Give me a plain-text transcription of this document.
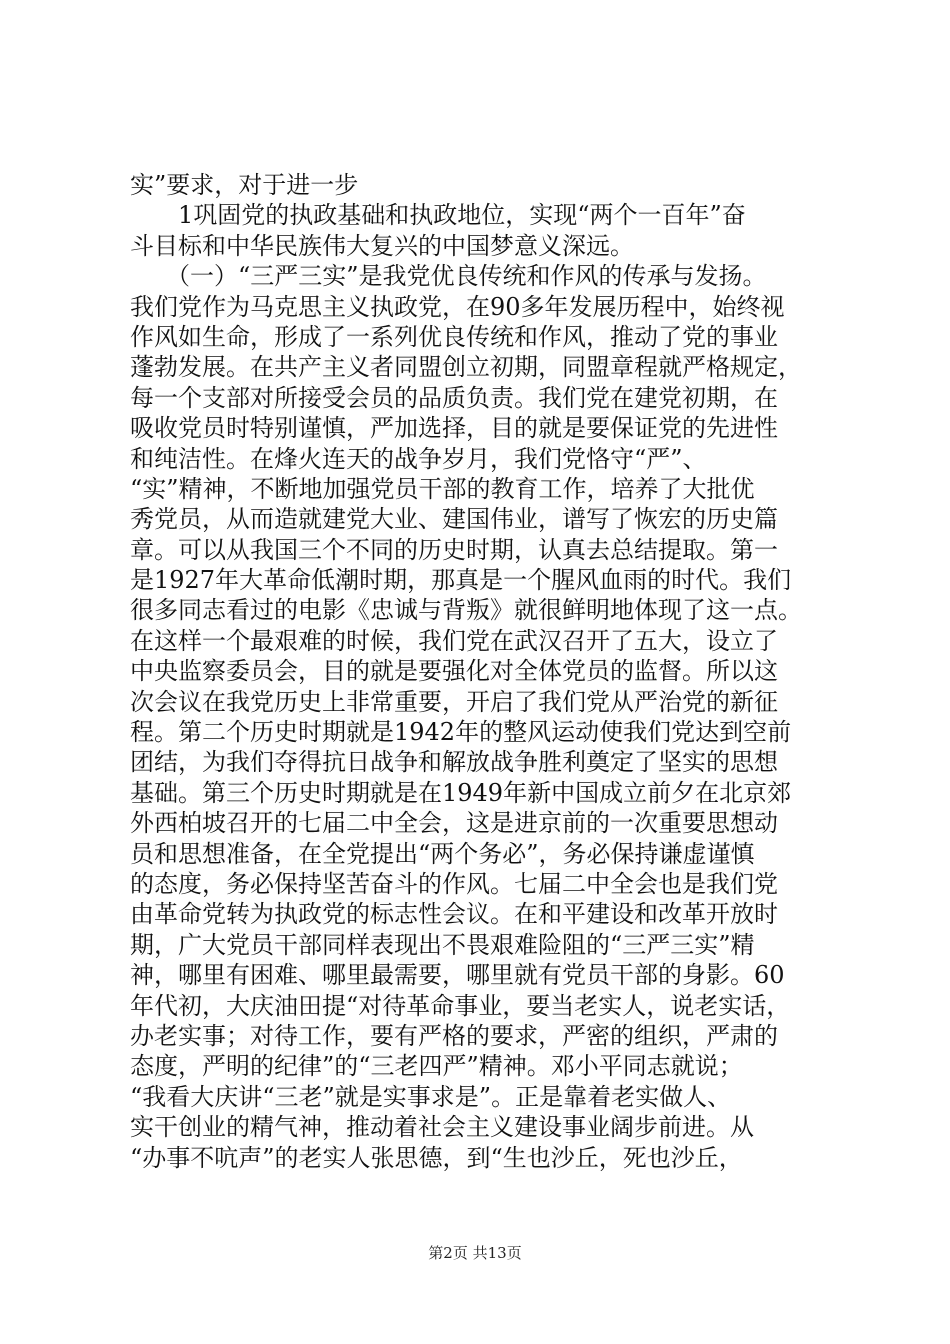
实”要求，对于进一步
　　1巩固党的执政基础和执政地位，实现“两个一百年”奋
斗目标和中华民族伟大复兴的中国梦意义深远。
　　（一）“三严三实”是我党优良传统和作风的传承与发扬。
我们党作为马克思主义执政党，在90多年发展历程中，始终视
作风如生命，形成了一系列优良传统和作风，推动了党的事业
蓬勃发展。在共产主义者同盟创立初期，同盟章程就严格规定，
每一个支部对所接受会员的品质负责。我们党在建党初期，在
吸收党员时特别谨慎，严加选择，目的就是要保证党的先进性
和纯洁性。在烽火连天的战争岁月，我们党恪守“严”、
“实”精神，不断地加强党员干部的教育工作，培养了大批优
秀党员，从而造就建党大业、建国伟业，谱写了恢宏的历史篇
章。可以从我国三个不同的历史时期，认真去总结提取。第一
是1927年大革命低潮时期，那真是一个腥风血雨的时代。我们
很多同志看过的电影《忠诚与背叛》就很鲜明地体现了这一点。
在这样一个最艰难的时候，我们党在武汉召开了五大，设立了
中央监察委员会，目的就是要强化对全体党员的监督。所以这
次会议在我党历史上非常重要，开启了我们党从严治党的新征
程。第二个历史时期就是1942年的整风运动使我们党达到空前
团结，为我们夺得抗日战争和解放战争胜利奠定了坚实的思想
基础。第三个历史时期就是在1949年新中国成立前夕在北京郊
外西柏坡召开的七届二中全会，这是进京前的一次重要思想动
员和思想准备，在全党提出“两个务必”，务必保持谦虚谨慎
的态度，务必保持坚苦奋斗的作风。七届二中全会也是我们党
由革命党转为执政党的标志性会议。在和平建设和改革开放时
期，广大党员干部同样表现出不畏艰难险阻的“三严三实”精
神，哪里有困难、哪里最需要，哪里就有党员干部的身影。60
年代初，大庆油田提“对待革命事业，要当老实人，说老实话，
办老实事；对待工作，要有严格的要求，严密的组织，严肃的
态度，严明的纪律”的“三老四严”精神。邓小平同志就说；
“我看大庆讲“三老”就是实事求是”。正是靠着老实做人、
实干创业的精气神，推动着社会主义建设事业阔步前进。从
“办事不吭声”的老实人张思德，到“生也沙丘，死也沙丘，
第2页 共13页
